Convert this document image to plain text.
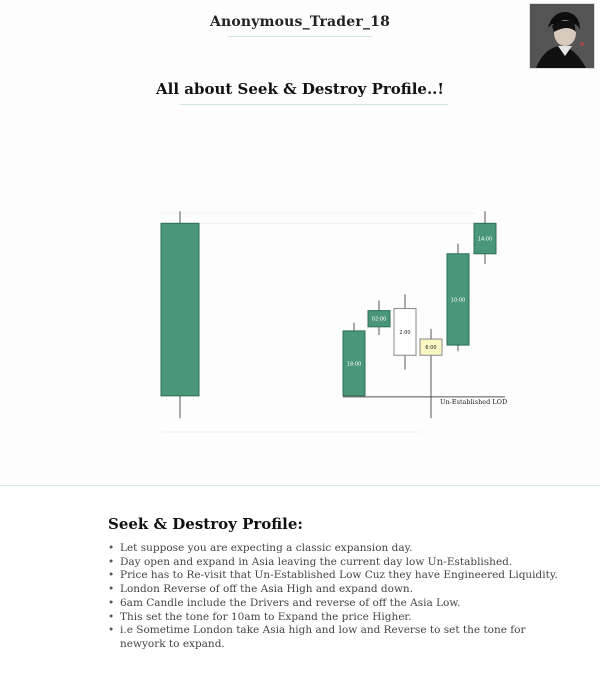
Anonymous_Trader_18
All about Seek & Destroy Profile..!
18:00
02:00
2:00
6:00
10:00
14:00
Un-Established LOD
Seek & Destroy Profile:
• Let suppose you are expecting a classic expansion day.
• Day open and expand in Asia leaving the current day low Un-Established.
• Price has to Re-visit that Un-Established Low Cuz they have Engineered Liquidity.
• London Reverse of off the Asia High and expand down.
• 6am Candle include the Drivers and reverse of off the Asia Low.
• This set the tone for 10am to Expand the price Higher.
• i.e Sometime London take Asia high and low and Reverse to set the tone for newyork to expand.
